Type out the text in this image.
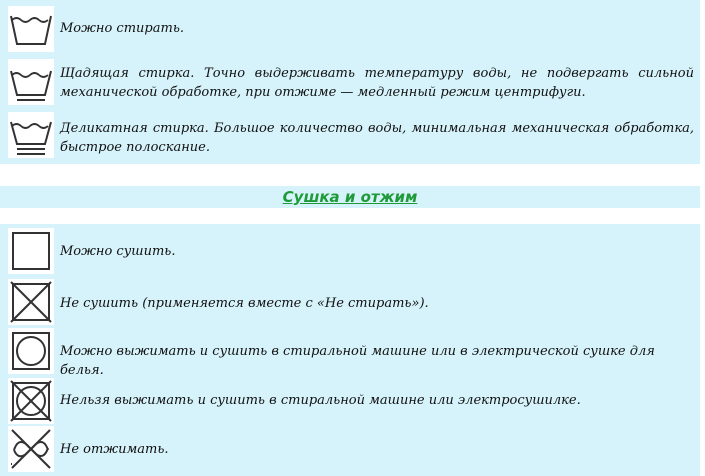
Можно стирать.
Щадящая стирка. Точно выдерживать температуру воды, не подвергать сильной механической обработке, при отжиме — медленный режим центрифуги.
Деликатная стирка. Большое количество воды, минимальная механическая обработка, быстрое полоскание.
Сушка и отжим
Можно сушить.
Не сушить (применяется вместе с «Не стирать»).
Можно выжимать и сушить в стиральной машине или в электрической сушке для белья.
Нельзя выжимать и сушить в стиральной машине или электросушилке.
Не отжимать.
